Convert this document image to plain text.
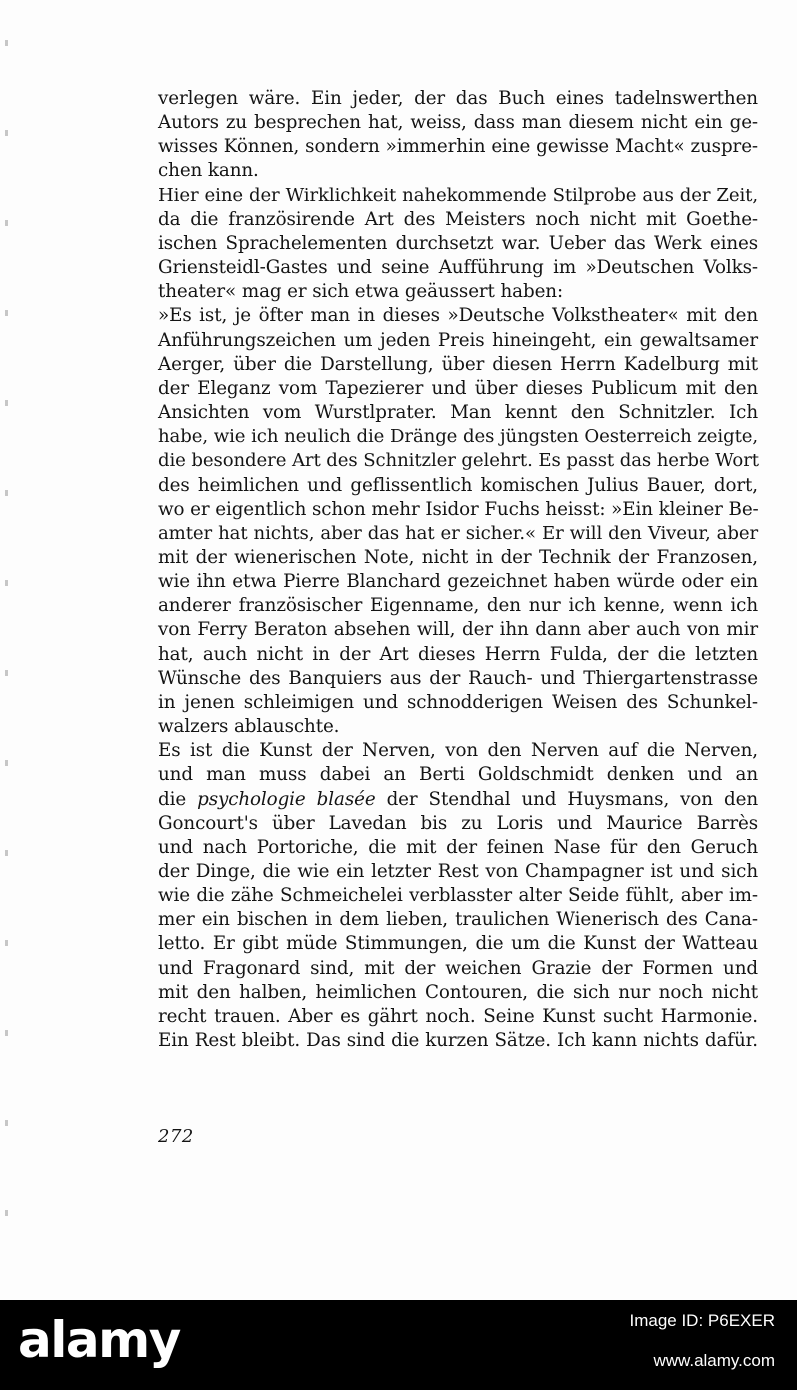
verlegen wäre. Ein jeder, der das Buch eines tadelnswerthen
Autors zu besprechen hat, weiss, dass man diesem nicht ein ge-
wisses Können, sondern »immerhin eine gewisse Macht« zuspre-
chen kann.
Hier eine der Wirklichkeit nahekommende Stilprobe aus der Zeit,
da die französirende Art des Meisters noch nicht mit Goethe-
ischen Sprachelementen durchsetzt war. Ueber das Werk eines
Griensteidl-Gastes und seine Aufführung im »Deutschen Volks-
theater« mag er sich etwa geäussert haben:
»Es ist, je öfter man in dieses »Deutsche Volkstheater« mit den
Anführungszeichen um jeden Preis hineingeht, ein gewaltsamer
Aerger, über die Darstellung, über diesen Herrn Kadelburg mit
der Eleganz vom Tapezierer und über dieses Publicum mit den
Ansichten vom Wurstlprater. Man kennt den Schnitzler. Ich
habe, wie ich neulich die Dränge des jüngsten Oesterreich zeigte,
die besondere Art des Schnitzler gelehrt. Es passt das herbe Wort
des heimlichen und geflissentlich komischen Julius Bauer, dort,
wo er eigentlich schon mehr Isidor Fuchs heisst: »Ein kleiner Be-
amter hat nichts, aber das hat er sicher.« Er will den Viveur, aber
mit der wienerischen Note, nicht in der Technik der Franzosen,
wie ihn etwa Pierre Blanchard gezeichnet haben würde oder ein
anderer französischer Eigenname, den nur ich kenne, wenn ich
von Ferry Beraton absehen will, der ihn dann aber auch von mir
hat, auch nicht in der Art dieses Herrn Fulda, der die letzten
Wünsche des Banquiers aus der Rauch- und Thiergartenstrasse
in jenen schleimigen und schnodderigen Weisen des Schunkel-
walzers ablauschte.
Es ist die Kunst der Nerven, von den Nerven auf die Nerven,
und man muss dabei an Berti Goldschmidt denken und an
die psychologie blasée der Stendhal und Huysmans, von den
Goncourt's über Lavedan bis zu Loris und Maurice Barrès
und nach Portoriche, die mit der feinen Nase für den Geruch
der Dinge, die wie ein letzter Rest von Champagner ist und sich
wie die zähe Schmeichelei verblasster alter Seide fühlt, aber im-
mer ein bischen in dem lieben, traulichen Wienerisch des Cana-
letto. Er gibt müde Stimmungen, die um die Kunst der Watteau
und Fragonard sind, mit der weichen Grazie der Formen und
mit den halben, heimlichen Contouren, die sich nur noch nicht
recht trauen. Aber es gährt noch. Seine Kunst sucht Harmonie.
Ein Rest bleibt. Das sind die kurzen Sätze. Ich kann nichts dafür.
272
alamy	Image ID: P6EXER
www.alamy.com
